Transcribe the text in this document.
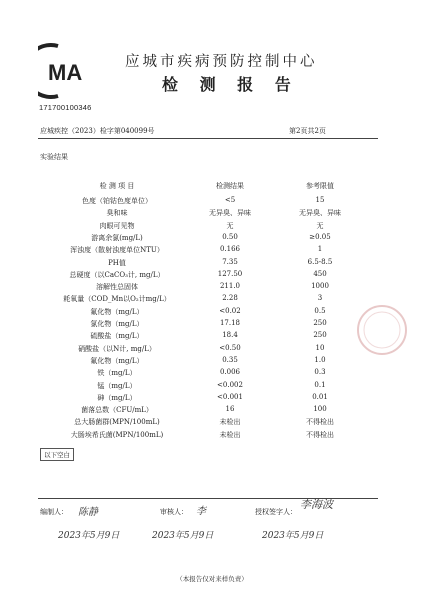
MA
171700100346
应城市疾病预防控制中心
检 测 报 告
应城疾控（2023）检字第040099号	第2页共2页
实验结果
检 测 项 目	检测结果	参考限值
色度（铂钴色度单位）	<5	15
臭和味	无异臭、异味	无异臭、异味
肉眼可见物	无	无
游离余氯(mg/L)	0.50	≥0.05
浑浊度（散射浊度单位NTU）	0.166	1
PH值	7.35	6.5-8.5
总硬度（以CaCO₃计, mg/L）	127.50	450
溶解性总固体	211.0	1000
耗氧量（COD_Mn以O₂计mg/L）	2.28	3
氟化物（mg/L）	<0.02	0.5
氯化物（mg/L）	17.18	250
硫酸盐（mg/L）	18.4	250
硝酸盐（以N计, mg/L）	<0.50	10
氟化物（mg/L）	0.35	1.0
铁（mg/L）	0.006	0.3
锰（mg/L）	<0.002	0.1
砷（mg/L）	<0.001	0.01
菌落总数（CFU/mL）	16	100
总大肠菌群(MPN/100mL)	未检出	不得检出
大肠埃希氏菌(MPN/100mL)	未检出	不得检出
以下空白
编制人： 陈静
2023年5月9日
审核人： 李
2023年5月9日
授权签字人：
李海波
2023年5月9日
（本报告仅对来样负责）
